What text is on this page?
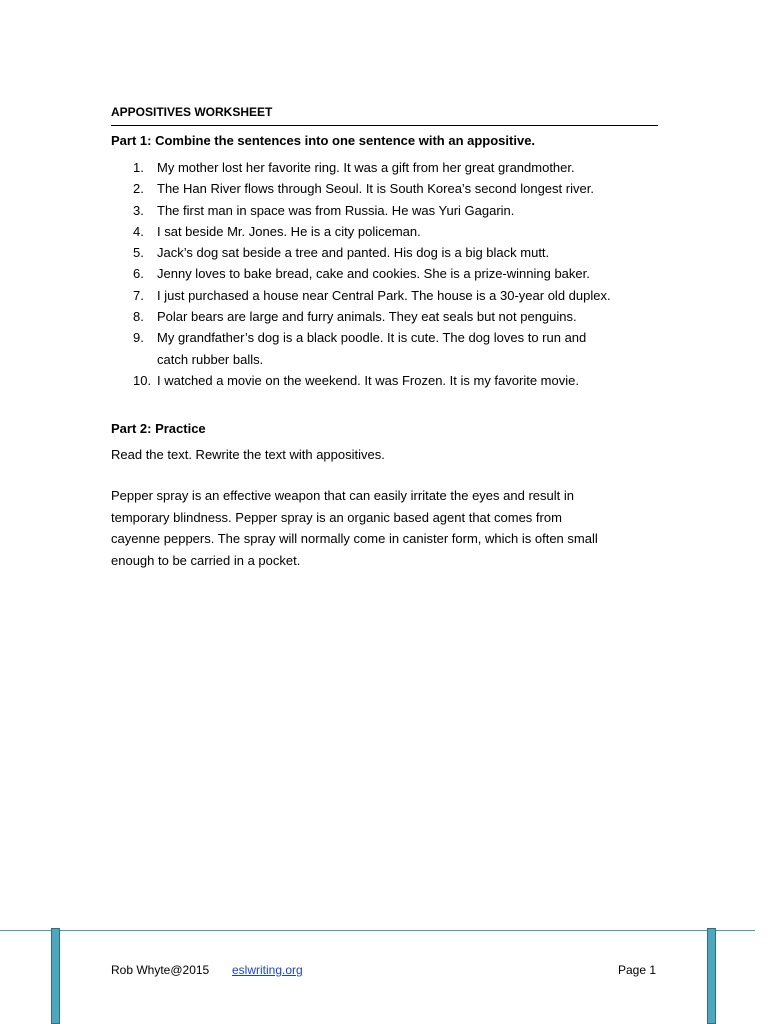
APPOSITIVES WORKSHEET
Part 1: Combine the sentences into one sentence with an appositive.
1. My mother lost her favorite ring. It was a gift from her great grandmother.
2. The Han River flows through Seoul. It is South Korea’s second longest river.
3. The first man in space was from Russia. He was Yuri Gagarin.
4. I sat beside Mr. Jones. He is a city policeman.
5. Jack’s dog sat beside a tree and panted. His dog is a big black mutt.
6. Jenny loves to bake bread, cake and cookies. She is a prize-winning baker.
7. I just purchased a house near Central Park. The house is a 30-year old duplex.
8. Polar bears are large and furry animals. They eat seals but not penguins.
9. My grandfather’s dog is a black poodle. It is cute. The dog loves to run and
catch rubber balls.
10. I watched a movie on the weekend. It was Frozen. It is my favorite movie.
Part 2: Practice
Read the text. Rewrite the text with appositives.
Pepper spray is an effective weapon that can easily irritate the eyes and result in
temporary blindness. Pepper spray is an organic based agent that comes from
cayenne peppers. The spray will normally come in canister form, which is often small
enough to be carried in a pocket.
Rob Whyte@2015 eslwriting.org	Page 1
